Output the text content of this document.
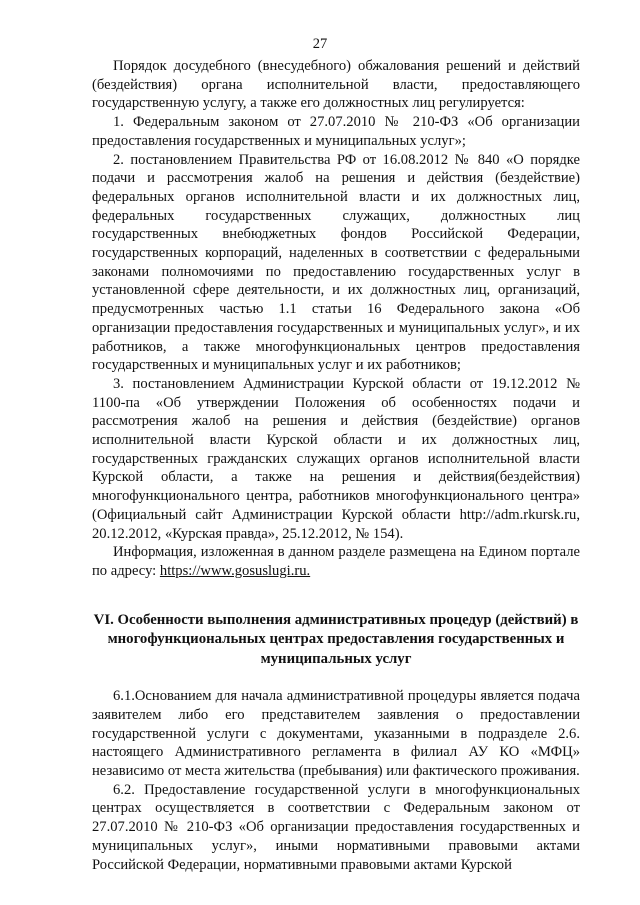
27

Порядок досудебного (внесудебного) обжалования решений и действий (бездействия) органа исполнительной власти, предоставляющего государственную услугу, а также его должностных лиц регулируется:

1. Федеральным законом от 27.07.2010 № 210-ФЗ «Об организации предоставления государственных и муниципальных услуг»;

2. постановлением Правительства РФ от 16.08.2012 № 840 «О порядке подачи и рассмотрения жалоб на решения и действия (бездействие) федеральных органов исполнительной власти и их должностных лиц, федеральных государственных служащих, должностных лиц государственных внебюджетных фондов Российской Федерации, государственных корпораций, наделенных в соответствии с федеральными законами полномочиями по предоставлению государственных услуг в установленной сфере деятельности, и их должностных лиц, организаций, предусмотренных частью 1.1 статьи 16 Федерального закона «Об организации предоставления государственных и муниципальных услуг», и их работников, а также многофункциональных центров предоставления государственных и муниципальных услуг и их работников;

3. постановлением Администрации Курской области от 19.12.2012 № 1100-па «Об утверждении Положения об особенностях подачи и рассмотрения жалоб на решения и действия (бездействие) органов исполнительной власти Курской области и их должностных лиц, государственных гражданских служащих органов исполнительной власти Курской области, а также на решения и действия(бездействия) многофункционального центра, работников многофункционального центра» (Официальный сайт Администрации Курской области http://adm.rkursk.ru, 20.12.2012, «Курская правда», 25.12.2012, № 154).

Информация, изложенная в данном разделе размещена на Едином портале по адресу: https://www.gosuslugi.ru.

VI. Особенности выполнения административных процедур (действий) в многофункциональных центрах предоставления государственных и муниципальных услуг

6.1.Основанием для начала административной процедуры является подача заявителем либо его представителем заявления о предоставлении государственной услуги с документами, указанными в подразделе 2.6. настоящего Административного регламента в филиал АУ КО «МФЦ» независимо от места жительства (пребывания) или фактического проживания.

6.2. Предоставление государственной услуги в многофункциональных центрах осуществляется в соответствии с Федеральным законом от 27.07.2010 № 210-ФЗ «Об организации предоставления государственных и муниципальных услуг», иными нормативными правовыми актами Российской Федерации, нормативными правовыми актами Курской
